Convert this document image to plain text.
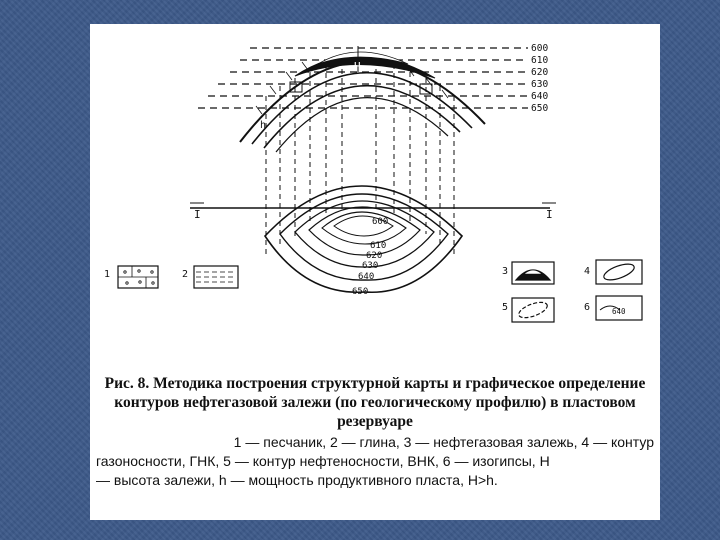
600
610
620
630
640
650
H
h
I	I
600
610
620
630
640
650
1	2	3	4
5	6	640

Рис. 8. Методика построения структурной карты и графическое определение контуров нефтегазовой залежи (по геологическому профилю) в пластовом резервуаре

1 — песчаник, 2 — глина, 3 — нефтегазовая залежь, 4 — контур
газоносности, ГНК, 5 — контур нефтеносности, ВНК, 6 — изогипсы, Н
— высота залежи, h — мощность продуктивного пласта, Н>h.
